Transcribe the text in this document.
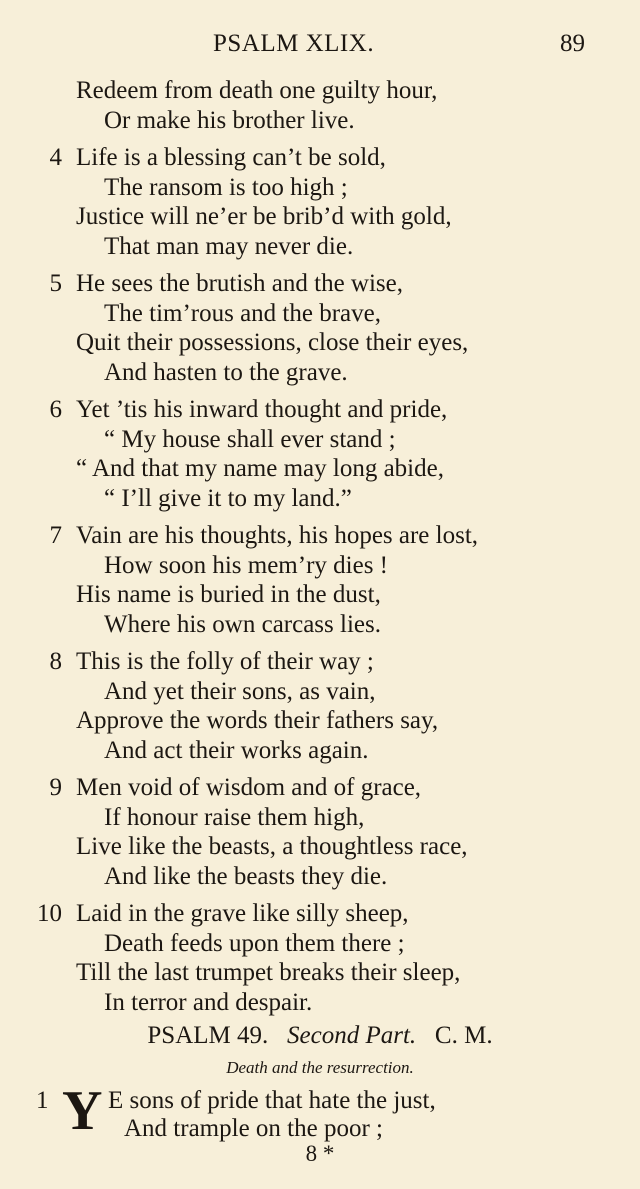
PSALM XLIX.	89
Redeem from death one guilty hour,
Or make his brother live.
4 Life is a blessing can’t be sold,
The ransom is too high ;
Justice will ne’er be brib’d with gold,
That man may never die.
5 He sees the brutish and the wise,
The tim’rous and the brave,
Quit their possessions, close their eyes,
And hasten to the grave.
6 Yet ’tis his inward thought and pride,
“ My house shall ever stand ;
“ And that my name may long abide,
“ I’ll give it to my land.”
7 Vain are his thoughts, his hopes are lost,
How soon his mem’ry dies !
His name is buried in the dust,
Where his own carcass lies.
8 This is the folly of their way ;
And yet their sons, as vain,
Approve the words their fathers say,
And act their works again.
9 Men void of wisdom and of grace,
If honour raise them high,
Live like the beasts, a thoughtless race,
And like the beasts they die.
10 Laid in the grave like silly sheep,
Death feeds upon them there ;
Till the last trumpet breaks their sleep,
In terror and despair.
PSALM 49. Second Part. C. M.
Death and the resurrection.
1 Y E sons of pride that hate the just,
And trample on the poor ;
8 *
